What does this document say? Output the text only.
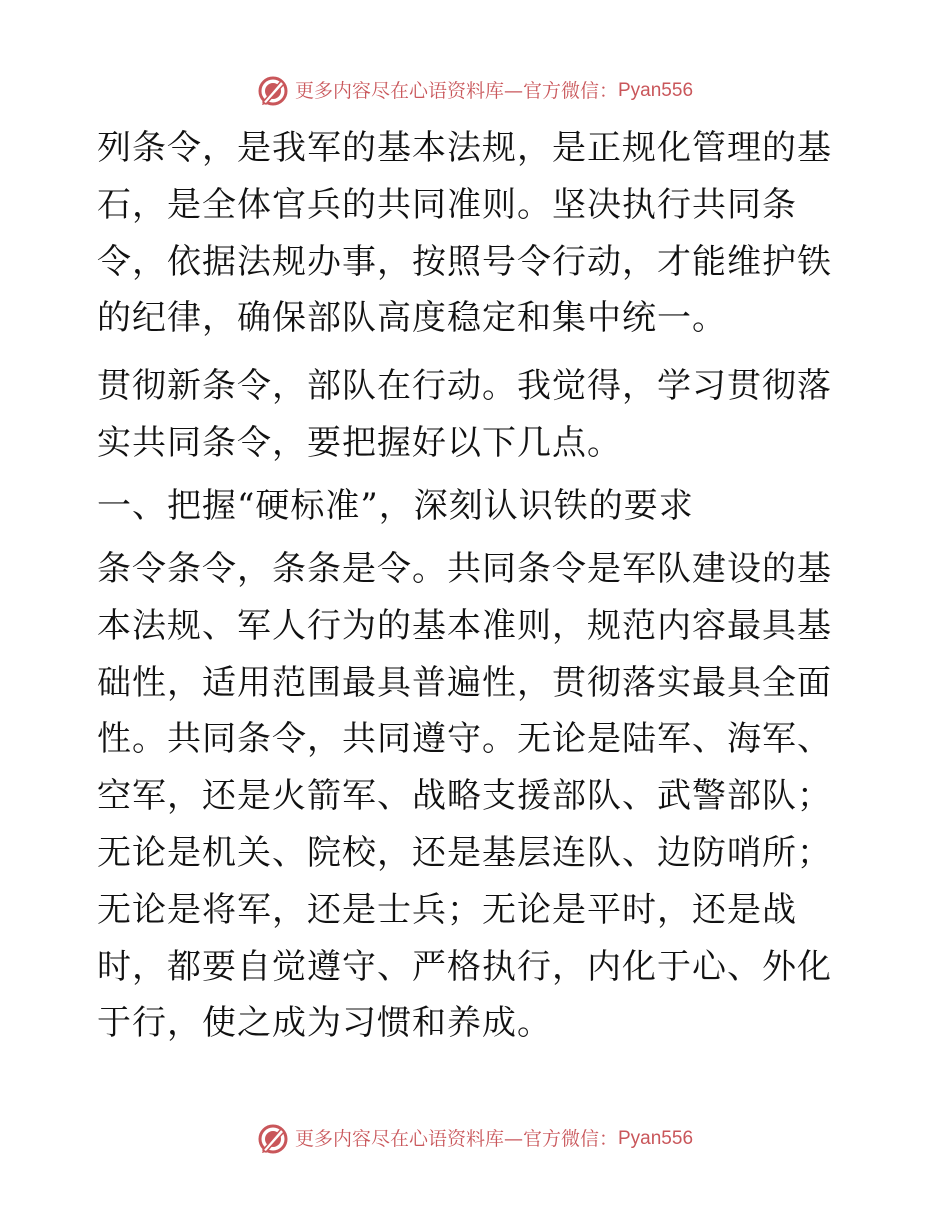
更多内容尽在心语资料库 — 官方微信： Pyan556

列条令，是我军的基本法规，是正规化管理的基石，是全体官兵的共同准则。坚决执行共同条令，依据法规办事，按照号令行动，才能维护铁的纪律，确保部队高度稳定和集中统一。

贯彻新条令，部队在行动。我觉得，学习贯彻落实共同条令，要把握好以下几点。

一、把握“硬标准”，深刻认识铁的要求

条令条令，条条是令。共同条令是军队建设的基本法规、军人行为的基本准则，规范内容最具基础性，适用范围最具普遍性，贯彻落实最具全面性。共同条令，共同遵守。无论是陆军、海军、空军，还是火箭军、战略支援部队、武警部队；无论是机关、院校，还是基层连队、边防哨所；无论是将军，还是士兵；无论是平时，还是战时，都要自觉遵守、严格执行，内化于心、外化于行，使之成为习惯和养成。

更多内容尽在心语资料库 — 官方微信： Pyan556
